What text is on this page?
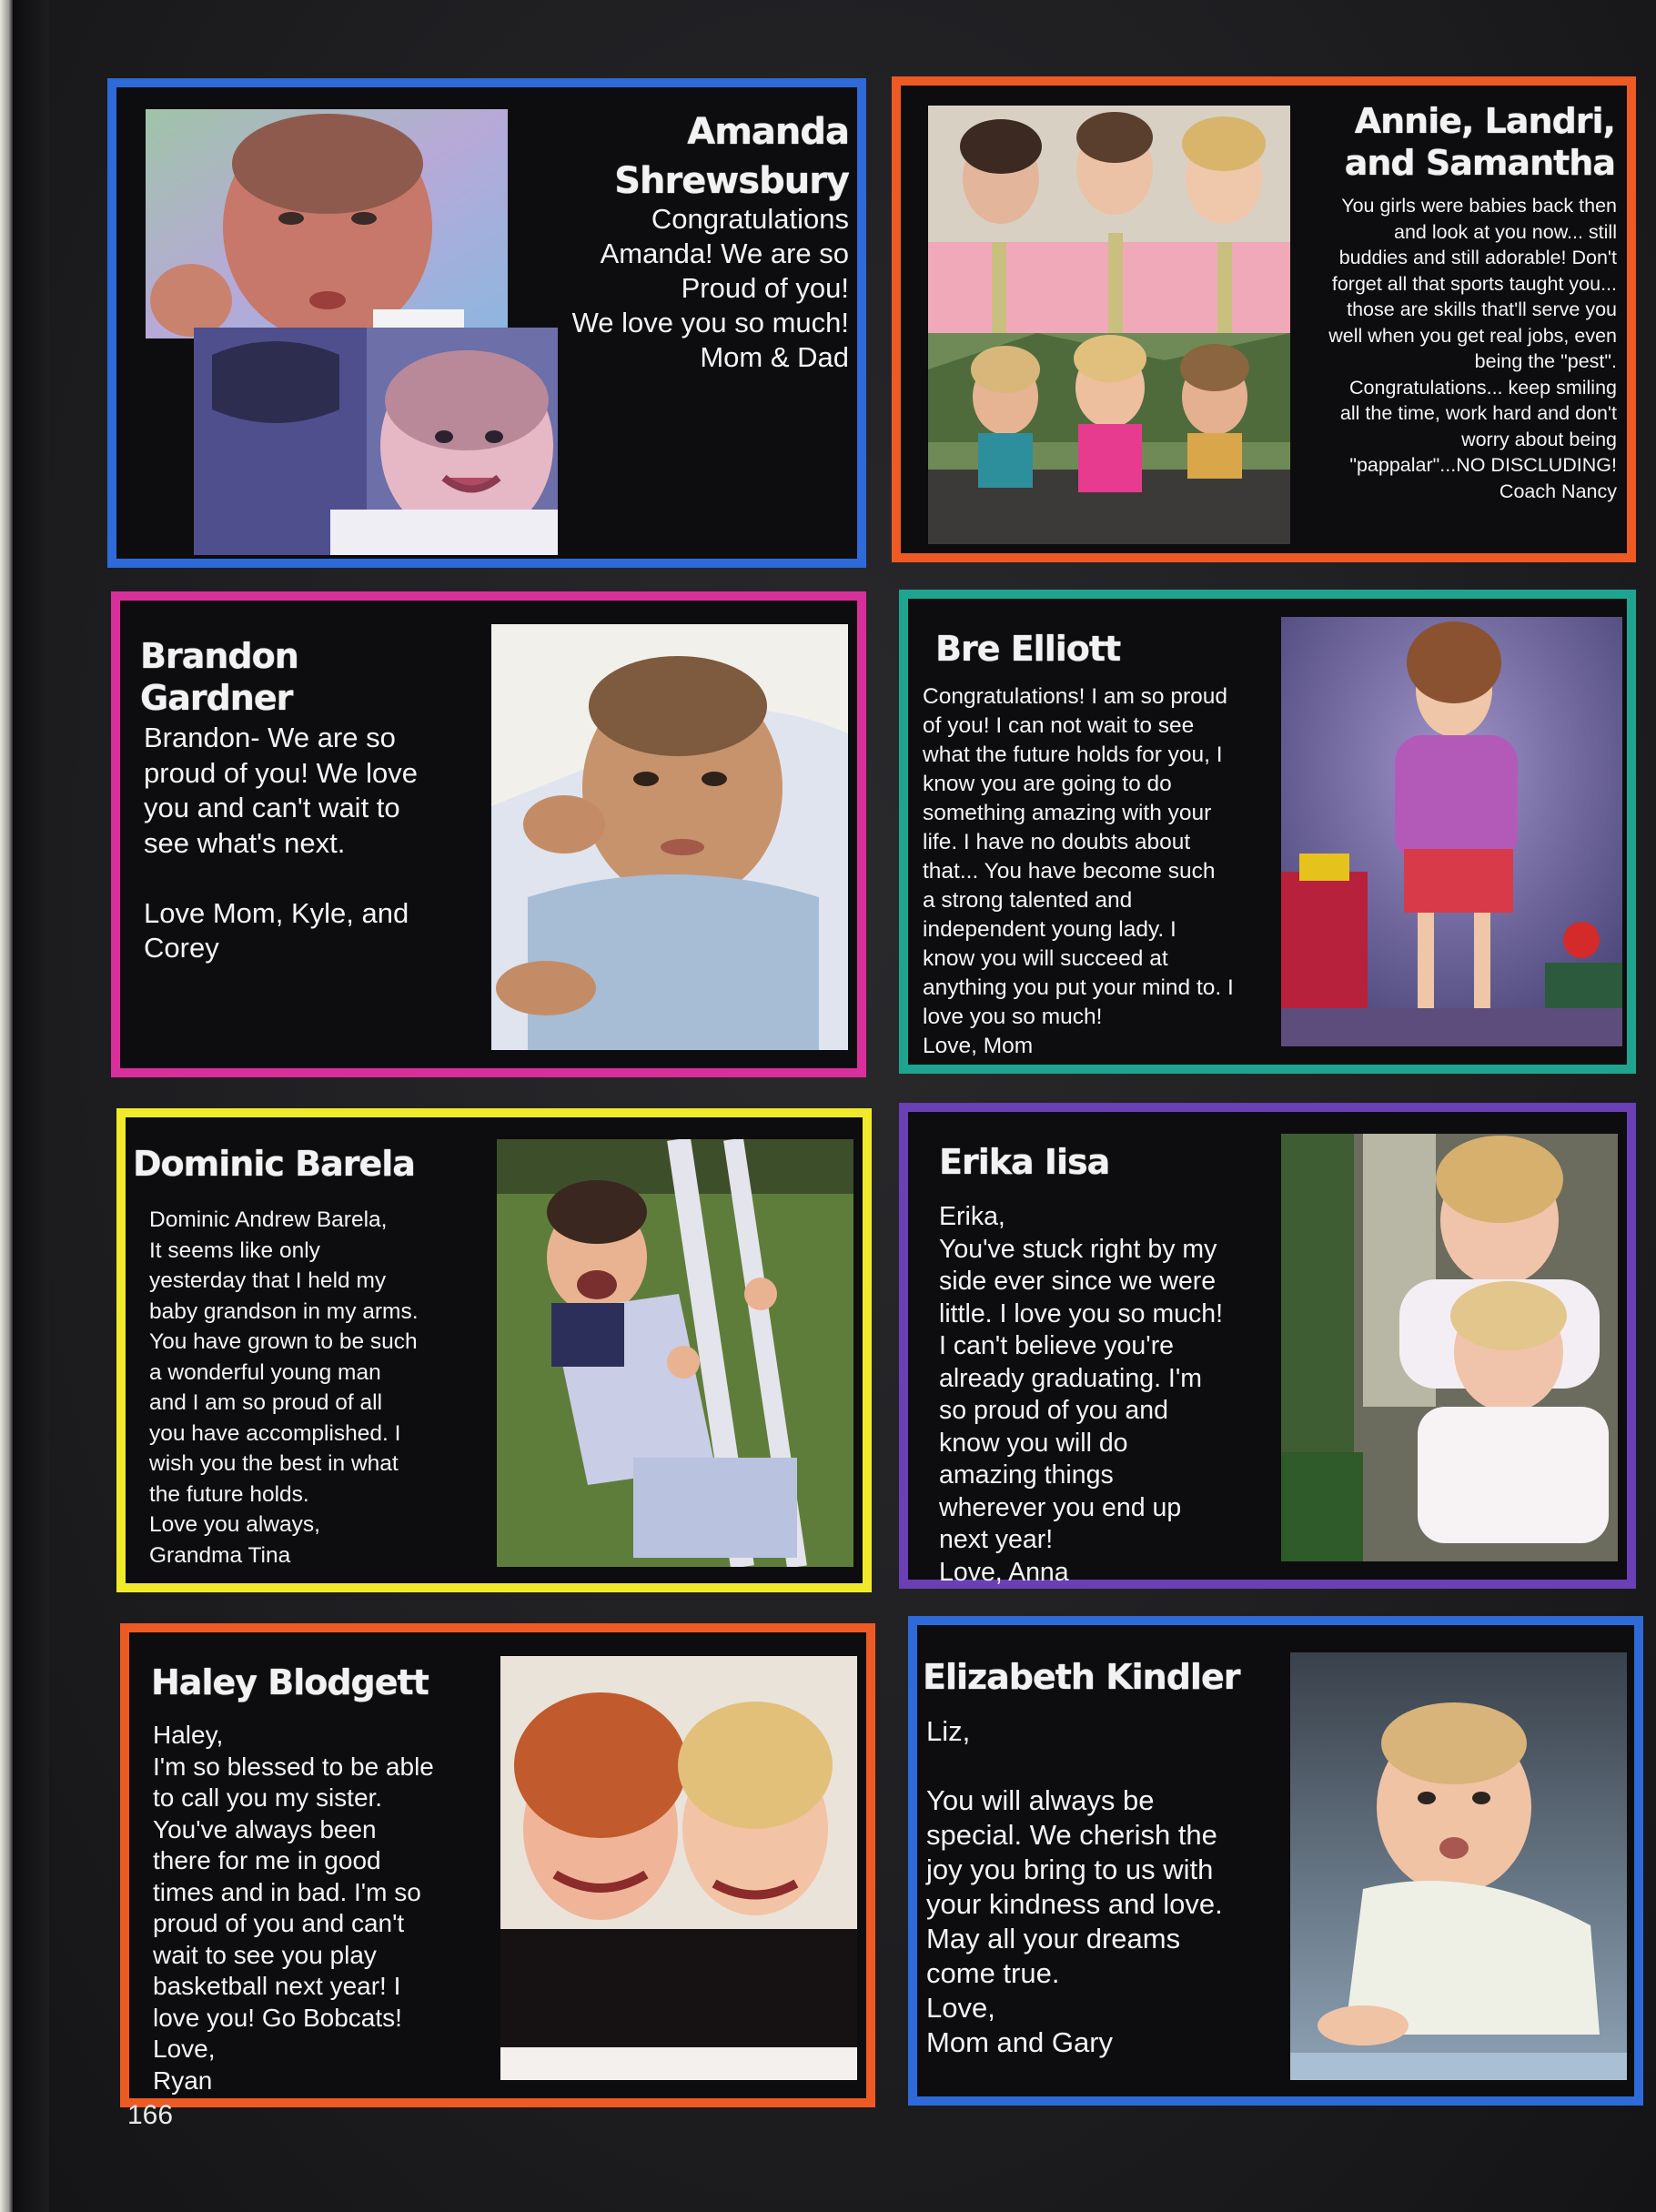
Amanda Shrewsbury
Congratulations
Amanda! We are so
Proud of you!
We love you so much!
Mom & Dad
Annie, Landri, and Samantha
You girls were babies back then
and look at you now... still
buddies and still adorable! Don't
forget all that sports taught you...
those are skills that'll serve you
well when you get real jobs, even
being the "pest".
Congratulations... keep smiling
all the time, work hard and don't
worry about being
"pappalar"...NO DISCLUDING!
Coach Nancy
Brandon Gardner
Brandon- We are so
proud of you! We love
you and can't wait to
see what's next.

Love Mom, Kyle, and
Corey
Bre Elliott
Congratulations! I am so proud
of you! I can not wait to see
what the future holds for you, I
know you are going to do
something amazing with your
life. I have no doubts about
that... You have become such
a strong talented and
independent young lady. I
know you will succeed at
anything you put your mind to. I
love you so much!
Love, Mom
Dominic Barela
Dominic Andrew Barela,
It seems like only
yesterday that I held my
baby grandson in my arms.
You have grown to be such
a wonderful young man
and I am so proud of all
you have accomplished. I
wish you the best in what
the future holds.
Love you always,
Grandma Tina
Erika Iisa
Erika,
You've stuck right by my
side ever since we were
little. I love you so much!
I can't believe you're
already graduating. I'm
so proud of you and
know you will do
amazing things
wherever you end up
next year!
Love, Anna
Haley Blodgett
Haley,
I'm so blessed to be able
to call you my sister.
You've always been
there for me in good
times and in bad. I'm so
proud of you and can't
wait to see you play
basketball next year! I
love you! Go Bobcats!
Love,
Ryan
Elizabeth Kindler
Liz,

You will always be
special. We cherish the
joy you bring to us with
your kindness and love.
May all your dreams
come true.
Love,
Mom and Gary
166
